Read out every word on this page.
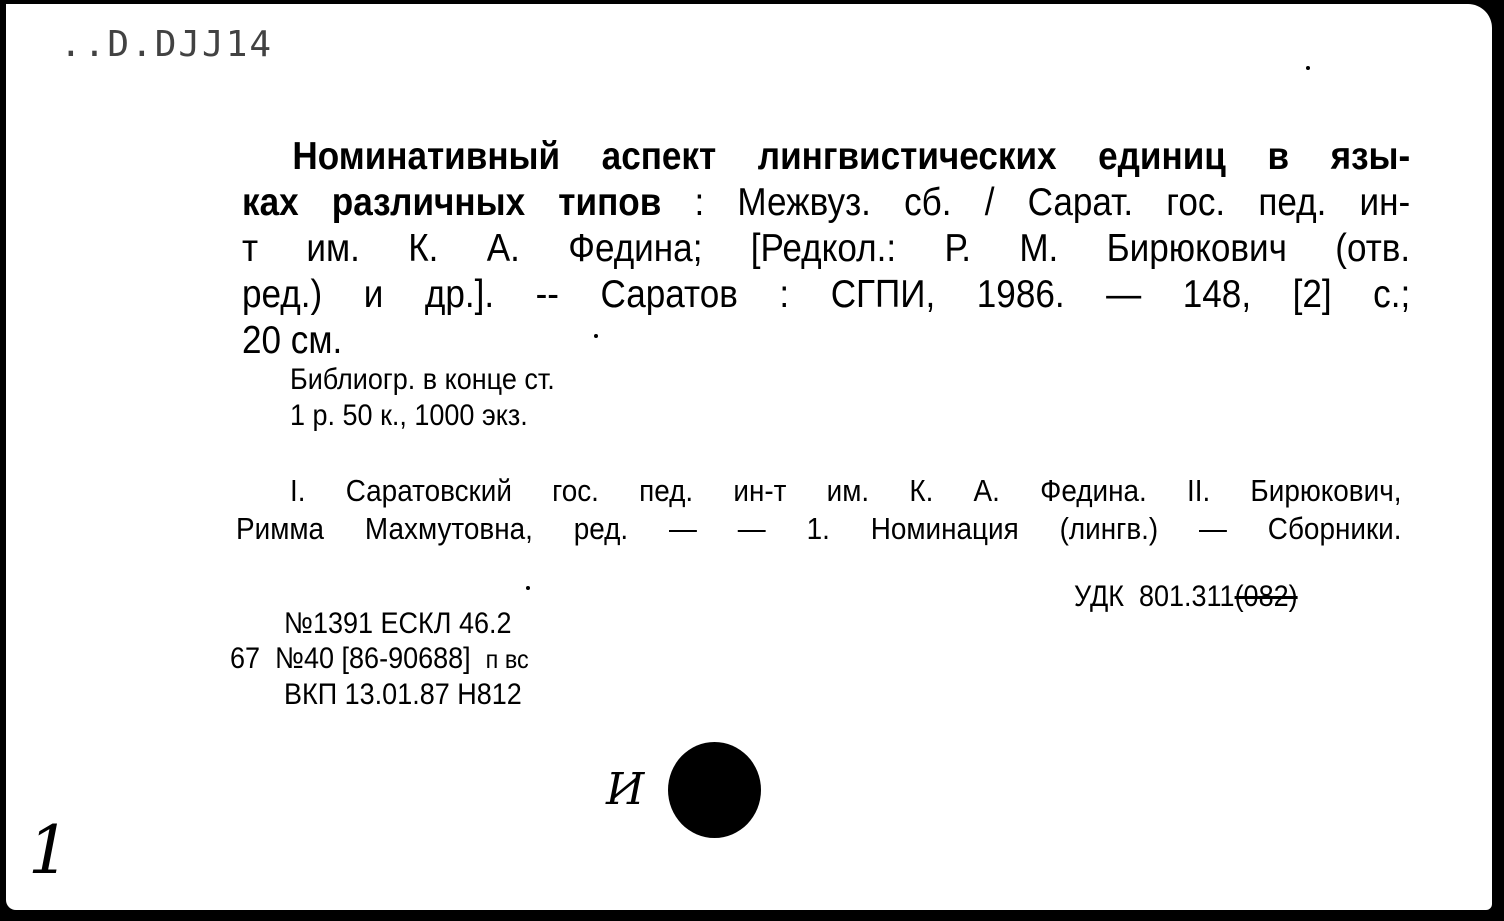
..D.DJJ14
Номинативный аспект лингвистических единиц в язы-
ках различных типов : Межвуз. сб. / Сарат. гос. пед. ин-
т им. К. А. Федина; [Редкол.: Р. М. Бирюкович (отв.
ред.) и др.]. -- Саратов : СГПИ, 1986. — 148, [2] с.;
20 см.
Библиогр. в конце ст.
1 р. 50 к., 1000 экз.
I. Саратовский гос. пед. ин-т им. К. А. Федина. II. Бирюкович,
Римма Махмутовна, ред. — — 1. Номинация (лингв.) — Сборники.
УДК 801.311(082)
№1391 ЕСКЛ 46.2
67 №40 [86-90688] п вс
ВКП 13.01.87 Н812
И
1
